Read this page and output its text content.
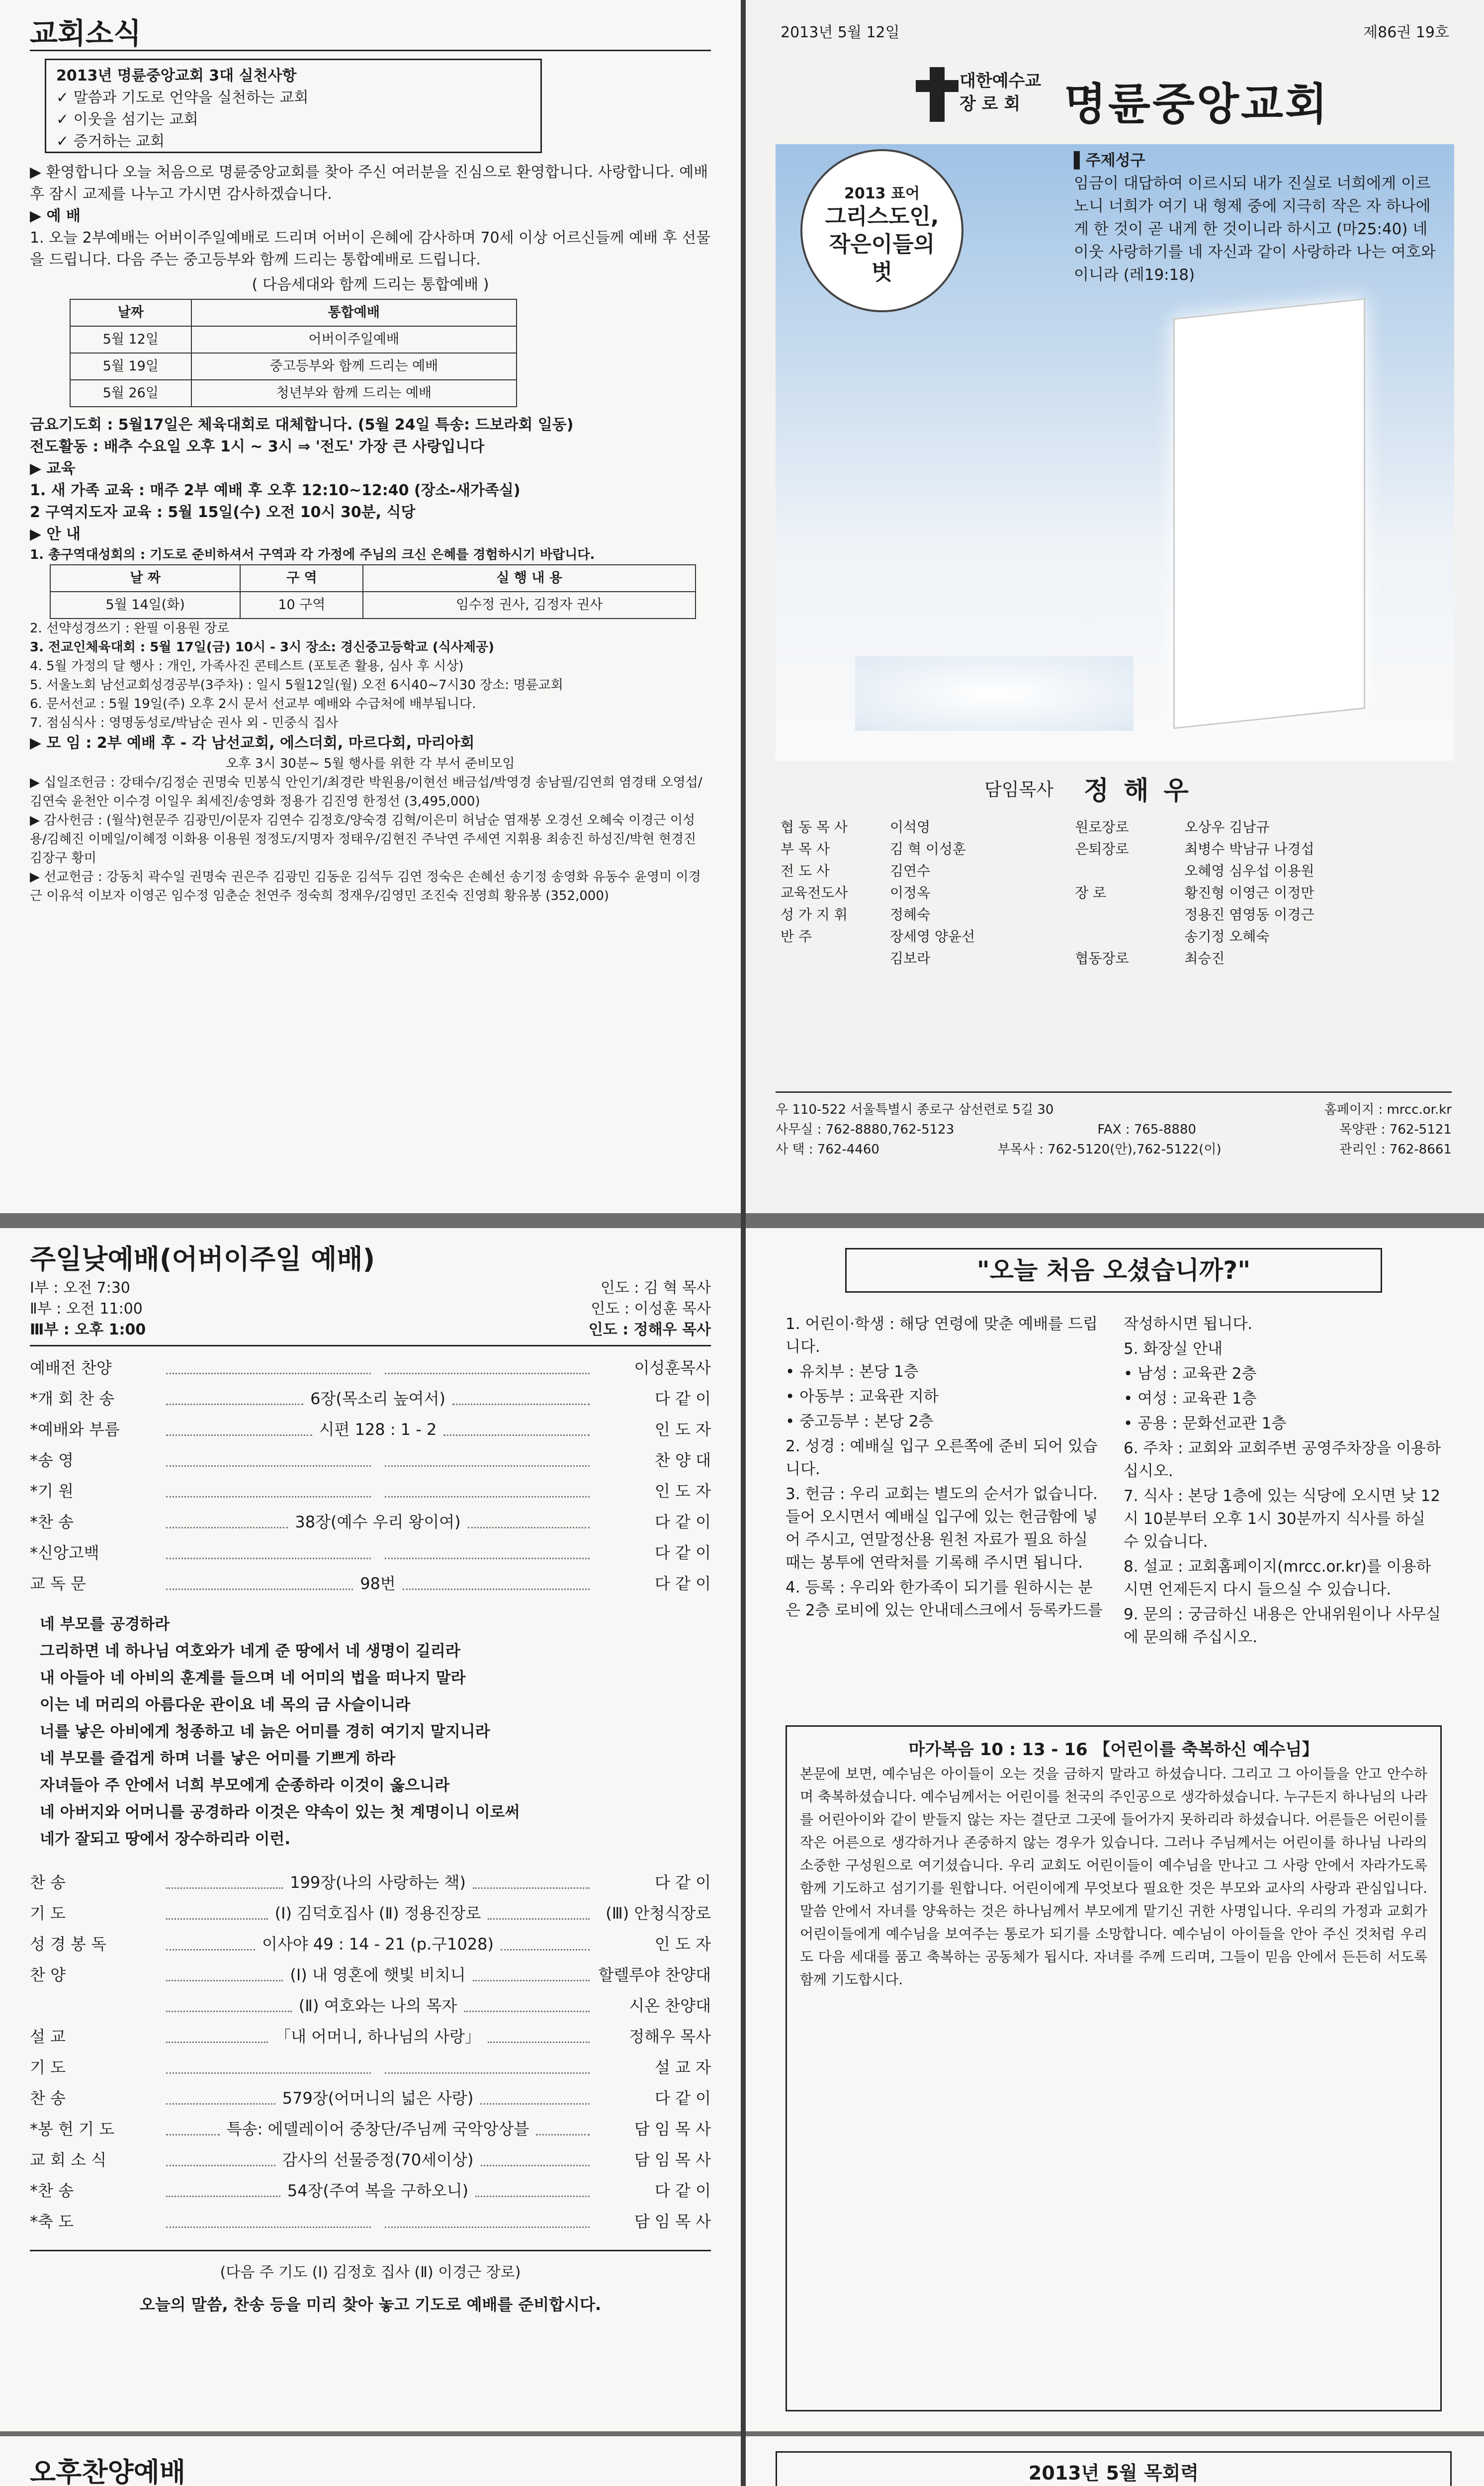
교회소식
2013년 명륜중앙교회 3대 실천사항
✓ 말씀과 기도로 언약을 실천하는 교회
✓ 이웃을 섬기는 교회
✓ 증거하는 교회
▶ 환영합니다 오늘 처음으로 명륜중앙교회를 찾아 주신 여러분을 진심으로 환영합니다. 사랑합니다. 예배 후 잠시 교제를 나누고 가시면 감사하겠습니다.
▶ 예 배
1. 오늘 2부예배는 어버이주일예배로 드리며 어버이 은혜에 감사하며 70세 이상 어르신들께 예배 후 선물을 드립니다. 다음 주는 중고등부와 함께 드리는 통합예배로 드립니다.
( 다음세대와 함께 드리는 통합예배 )
날짜	통합예배
5월 12일	어버이주일예배
5월 19일	중고등부와 함께 드리는 예배
5월 26일	청년부와 함께 드리는 예배
금요기도회 : 5월17일은 체육대회로 대체합니다. (5월 24일 특송: 드보라회 일동)
전도활동 : 배추 수요일 오후 1시 ~ 3시 ⇒ '전도' 가장 큰 사랑입니다
▶ 교육
1. 새 가족 교육 : 매주 2부 예배 후 오후 12:10~12:40 (장소-새가족실)
2 구역지도자 교육 : 5월 15일(수) 오전 10시 30분, 식당
▶ 안 내
1. 총구역대성회의 : 기도로 준비하셔서 구역과 각 가정에 주님의 크신 은혜를 경험하시기 바랍니다.
날 짜	구 역	실 행 내 용
5월 14일(화)	10 구역	임수정 권사, 김정자 권사
2. 선약성경쓰기 : 완필 이용원 장로
3. 전교인체육대회 : 5월 17일(금) 10시 - 3시 장소: 경신중고등학교 (식사제공)
4. 5월 가정의 달 행사 : 개인, 가족사진 콘테스트 (포토존 활용, 심사 후 시상)
5. 서울노회 남선교회성경공부(3주차) : 일시 5월12일(월) 오전 6시40~7시30 장소: 명륜교회
6. 문서선교 : 5월 19일(주) 오후 2시 문서 선교부 예배와 수급처에 배부됩니다.
7. 점심식사 : 영명동성로/박남순 권사 외 - 민중식 집사
▶ 모 임 : 2부 예배 후 - 각 남선교회, 에스더회, 마르다회, 마리아회
오후 3시 30분~ 5월 행사를 위한 각 부서 준비모임
▶ 십일조헌금 : 강태수/김정순 권명숙 민봉식 안인기/최경란 박원용/이현선 배금섭/박영경 송남필/김연희 염경태 오영섭/김연숙 윤천안 이수경 이일우 최세진/송영화 정용가 김진영 한정선 (3,495,000)
▶ 감사헌금 : (월삭)현문주 김광민/이문자 김연수 김정호/양숙경 김혁/이은미 허남순 염재봉 오경선 오혜숙 이경근 이성용/김혜진 이메일/이혜정 이화용 이용원 정정도/지명자 정태우/김현진 주낙연 주세연 지휘용 최송진 하성진/박현 현경진 김장구 황미
▶ 선교헌금 : 강동치 곽수일 권명숙 권은주 김광민 김동운 김석두 김연 정숙은 손혜선 송기정 송영화 유동수 윤영미 이경근 이유석 이보자 이영곤 임수정 임춘순 천연주 정숙희 정재우/김영민 조진숙 진영희 황유봉 (352,000)
2013년 5월 12일	제86권 19호
대한예수교
장 로 회 명륜중앙교회
2013 표어
그리스도인,
작은이들의
벗
▌주제성구
임금이 대답하여 이르시되 내가 진실로 너희에게 이르노니 너희가 여기 내 형제 중에 지극히 작은 자 하나에게 한 것이 곧 내게 한 것이니라 하시고 (마25:40) 네 이웃 사랑하기를 네 자신과 같이 사랑하라 나는 여호와이니라 (레19:18)
담임목사 정 해 우
협 동 목 사	이석영	원로장로	오상우 김남규
부 목 사	김 혁 이성훈	은퇴장로	최병수 박남규 나경섭
전 도 사	김연수		오혜영 심우섭 이용원
교육전도사	이정옥	장 로	황진형 이영근 이정만
성 가 지 휘	정혜숙		정용진 염영동 이경근
반 주	장세영 양윤선		송기정 오혜숙
	김보라	협동장로	최승진
우 110-522 서울특별시 종로구 삼선련로 5길 30	홈페이지 : mrcc.or.kr
사무실 : 762-8880,762-5123	FAX : 765-8880	목양관 : 762-5121
사 택 : 762-4460	부목사 : 762-5120(안),762-5122(이)	관리인 : 762-8661
주일낮예배(어버이주일 예배)
Ⅰ부 : 오전 7:30	인도 : 김 혁 목사
Ⅱ부 : 오전 11:00	인도 : 이성훈 목사
Ⅲ부 : 오후 1:00	인도 : 정해우 목사
예배전 찬양	이성훈목사
*개 회 찬 송	6장(목소리 높여서)	다 같 이
*예배와 부름	시편 128 : 1 - 2	인 도 자
*송 영	찬 양 대
*기 원	인 도 자
*찬 송	38장(예수 우리 왕이여)	다 같 이
*신앙고백	다 같 이
교 독 문	98번	다 같 이
네 부모를 공경하라
그리하면 네 하나님 여호와가 네게 준 땅에서 네 생명이 길리라
내 아들아 네 아비의 훈계를 들으며 네 어미의 법을 떠나지 말라
이는 네 머리의 아름다운 관이요 네 목의 금 사슬이니라
너를 낳은 아비에게 청종하고 네 늙은 어미를 경히 여기지 말지니라
네 부모를 즐겁게 하며 너를 낳은 어미를 기쁘게 하라
자녀들아 주 안에서 너희 부모에게 순종하라 이것이 옳으니라
네 아버지와 어머니를 공경하라 이것은 약속이 있는 첫 계명이니 이로써
네가 잘되고 땅에서 장수하리라 이런.
찬 송	199장(나의 사랑하는 책)	다 같 이
기 도	(Ⅰ) 김덕호집사 (Ⅱ) 정용진장로	(Ⅲ) 안청식장로
성 경 봉 독	이사야 49 : 14 - 21 (p.구1028)	인 도 자
찬 양	(Ⅰ) 내 영혼에 햇빛 비치니	할렐루야 찬양대
(Ⅱ) 여호와는 나의 목자	시온 찬양대
설 교	「내 어머니, 하나님의 사랑」	정해우 목사
기 도	설 교 자
찬 송	579장(어머니의 넓은 사랑)	다 같 이
*봉 헌 기 도	특송: 에델레이어 중창단/주님께 국악앙상블	담 임 목 사
교 회 소 식	감사의 선물증정(70세이상)	담 임 목 사
*찬 송	54장(주여 복을 구하오니)	다 같 이
*축 도	담 임 목 사
(다음 주 기도 (Ⅰ) 김정호 집사 (Ⅱ) 이경근 장로)
오늘의 말씀, 찬송 등을 미리 찾아 놓고 기도로 예배를 준비합시다.
"오늘 처음 오셨습니까?"
1. 어린이·학생 : 해당 연령에 맞춘 예배를 드립니다.
• 유치부 : 본당 1층
• 아동부 : 교육관 지하
• 중고등부 : 본당 2층
2. 성경 : 예배실 입구 오른쪽에 준비 되어 있습니다.
3. 헌금 : 우리 교회는 별도의 순서가 없습니다. 들어 오시면서 예배실 입구에 있는 헌금함에 넣어 주시고, 연말정산용 원천 자료가 필요 하실 때는 봉투에 연락처를 기록해 주시면 됩니다.
4. 등록 : 우리와 한가족이 되기를 원하시는 분은 2층 로비에 있는 안내데스크에서 등록카드를
작성하시면 됩니다.
5. 화장실 안내
• 남성 : 교육관 2층
• 여성 : 교육관 1층
• 공용 : 문화선교관 1층
6. 주차 : 교회와 교회주변 공영주차장을 이용하십시오.
7. 식사 : 본당 1층에 있는 식당에 오시면 낮 12시 10분부터 오후 1시 30분까지 식사를 하실 수 있습니다.
8. 설교 : 교회홈페이지(mrcc.or.kr)를 이용하시면 언제든지 다시 들으실 수 있습니다.
9. 문의 : 궁금하신 내용은 안내위원이나 사무실에 문의해 주십시오.
마가복음 10 : 13 - 16 【어린이를 축복하신 예수님】
본문에 보면, 예수님은 아이들이 오는 것을 금하지 말라고 하셨습니다. 그리고 그 아이들을 안고 안수하며 축복하셨습니다. 예수님께서는 어린이를 천국의 주인공으로 생각하셨습니다. 누구든지 하나님의 나라를 어린아이와 같이 받들지 않는 자는 결단코 그곳에 들어가지 못하리라 하셨습니다. 어른들은 어린이를 작은 어른으로 생각하거나 존중하지 않는 경우가 있습니다. 그러나 주님께서는 어린이를 하나님 나라의 소중한 구성원으로 여기셨습니다. 우리 교회도 어린이들이 예수님을 만나고 그 사랑 안에서 자라가도록 함께 기도하고 섬기기를 원합니다. 어린이에게 무엇보다 필요한 것은 부모와 교사의 사랑과 관심입니다. 말씀 안에서 자녀를 양육하는 것은 하나님께서 부모에게 맡기신 귀한 사명입니다. 우리의 가정과 교회가 어린이들에게 예수님을 보여주는 통로가 되기를 소망합니다. 예수님이 아이들을 안아 주신 것처럼 우리도 다음 세대를 품고 축복하는 공동체가 됩시다. 자녀를 주께 드리며, 그들이 믿음 안에서 든든히 서도록 함께 기도합시다.
오후찬양예배

							2013년 5월 목회력
